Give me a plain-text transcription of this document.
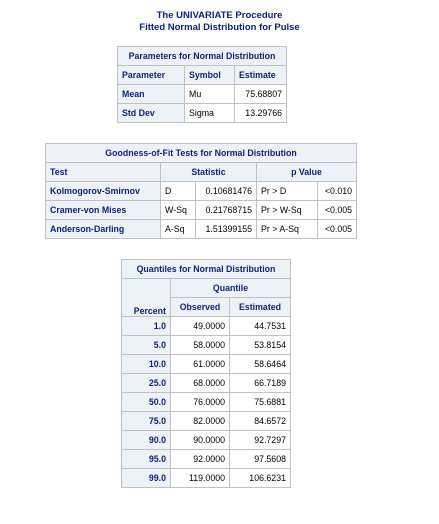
The UNIVARIATE Procedure
Fitted Normal Distribution for Pulse
Parameters for Normal Distribution		
Parameter	Symbol	Estimate
Mean	Mu	75.68807
Std Dev	Sigma	13.29766
Goodness-of-Fit Tests for Normal Distribution				
Test	Statistic		p Value	
Kolmogorov-Smirnov	D	0.10681476	Pr > D	<0.010
Cramer-von Mises	W-Sq	0.21768715	Pr > W-Sq	<0.005
Anderson-Darling	A-Sq	1.51399155	Pr > A-Sq	<0.005
Quantiles for Normal Distribution		
Percent	Quantile	
	Observed	Estimated
1.0	49.0000	44.7531
5.0	58.0000	53.8154
10.0	61.0000	58.6464
25.0	68.0000	66.7189
50.0	76.0000	75.6881
75.0	82.0000	84.6572
90.0	90.0000	92.7297
95.0	92.0000	97.5608
99.0	119.0000	106.6231
